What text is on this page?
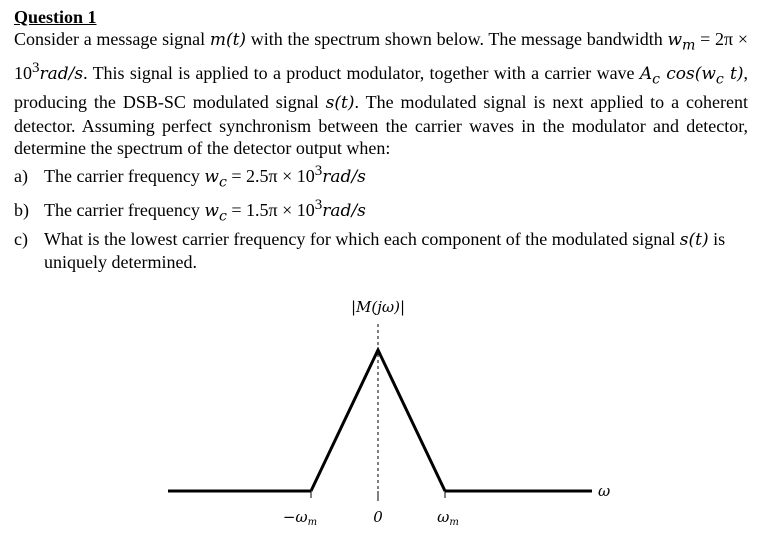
Question 1

Consider a message signal m(t) with the spectrum shown below. The message bandwidth $w_m = 2\pi \times 10^3rad/s$. This signal is applied to a product modulator, together with a carrier wave $A_c$ $\cos(w_c$ t), producing the DSB-SC modulated signal s(t). The modulated signal is next applied to a coherent detector. Assuming perfect synchronism between the carrier waves in the modulator and detector, determine the spectrum of the detector output when:

a) The carrier frequency $w_c = 2.5\pi \times 10^3rad/s$
b) The carrier frequency $w_c = 1.5\pi \times 10^3rad/s$
c) What is the lowest carrier frequency for which each component of the modulated signal s(t) is uniquely determined.
|M(jω)|
ω
$-\omega_m$	0	$\omega_m$
